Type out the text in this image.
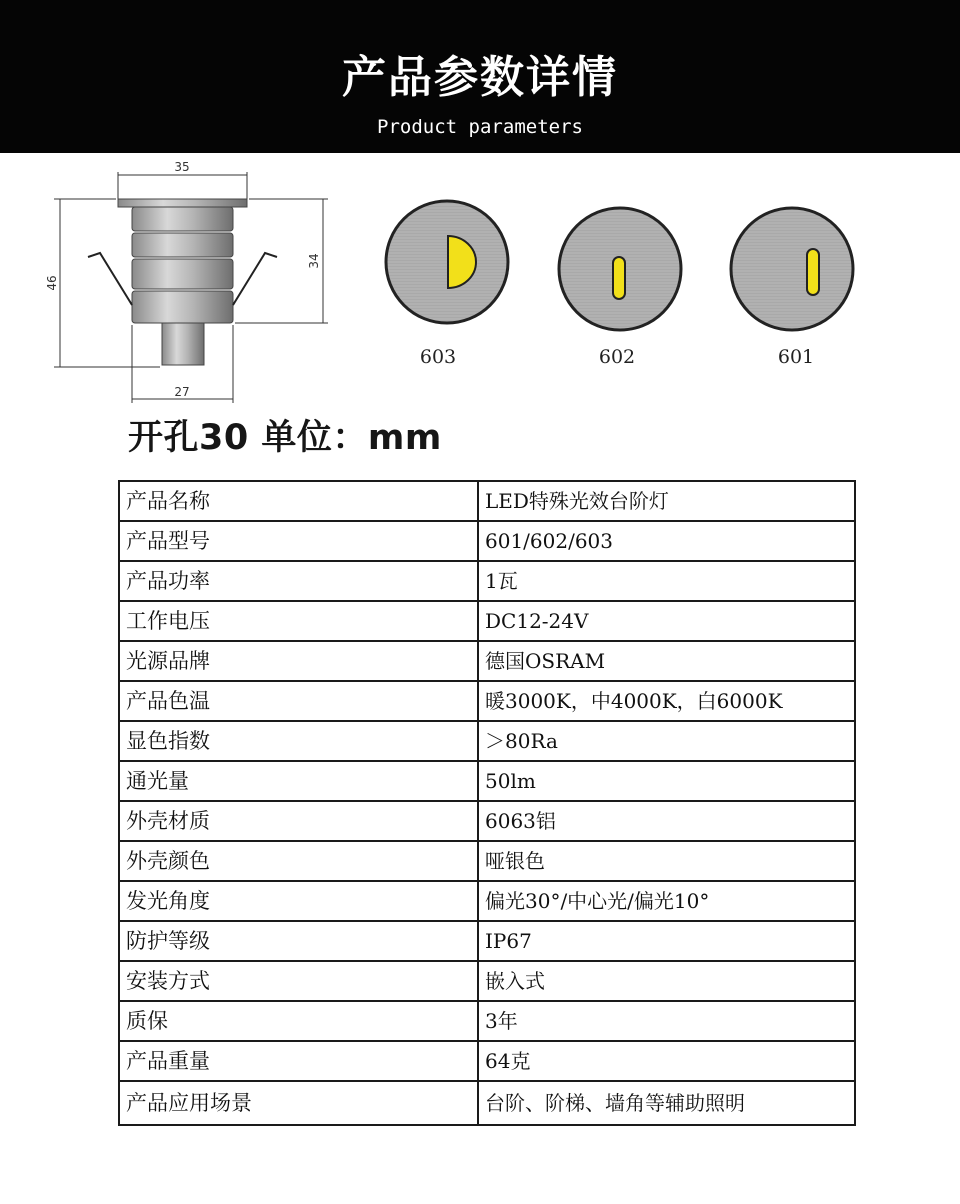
产品参数详情
Product parameters
35
46
34
27
603	602	601
开孔30 单位：mm
产品名称	LED特殊光效台阶灯
产品型号	601/602/603
产品功率	1瓦
工作电压	DC12-24V
光源品牌	德国OSRAM
产品色温	暖3000K，中4000K，白6000K
显色指数	＞80Ra
通光量	50lm
外壳材质	6063铝
外壳颜色	哑银色
发光角度	偏光30°/中心光/偏光10°
防护等级	IP67
安装方式	嵌入式
质保	3年
产品重量	64克
产品应用场景	台阶、阶梯、墙角等辅助照明
